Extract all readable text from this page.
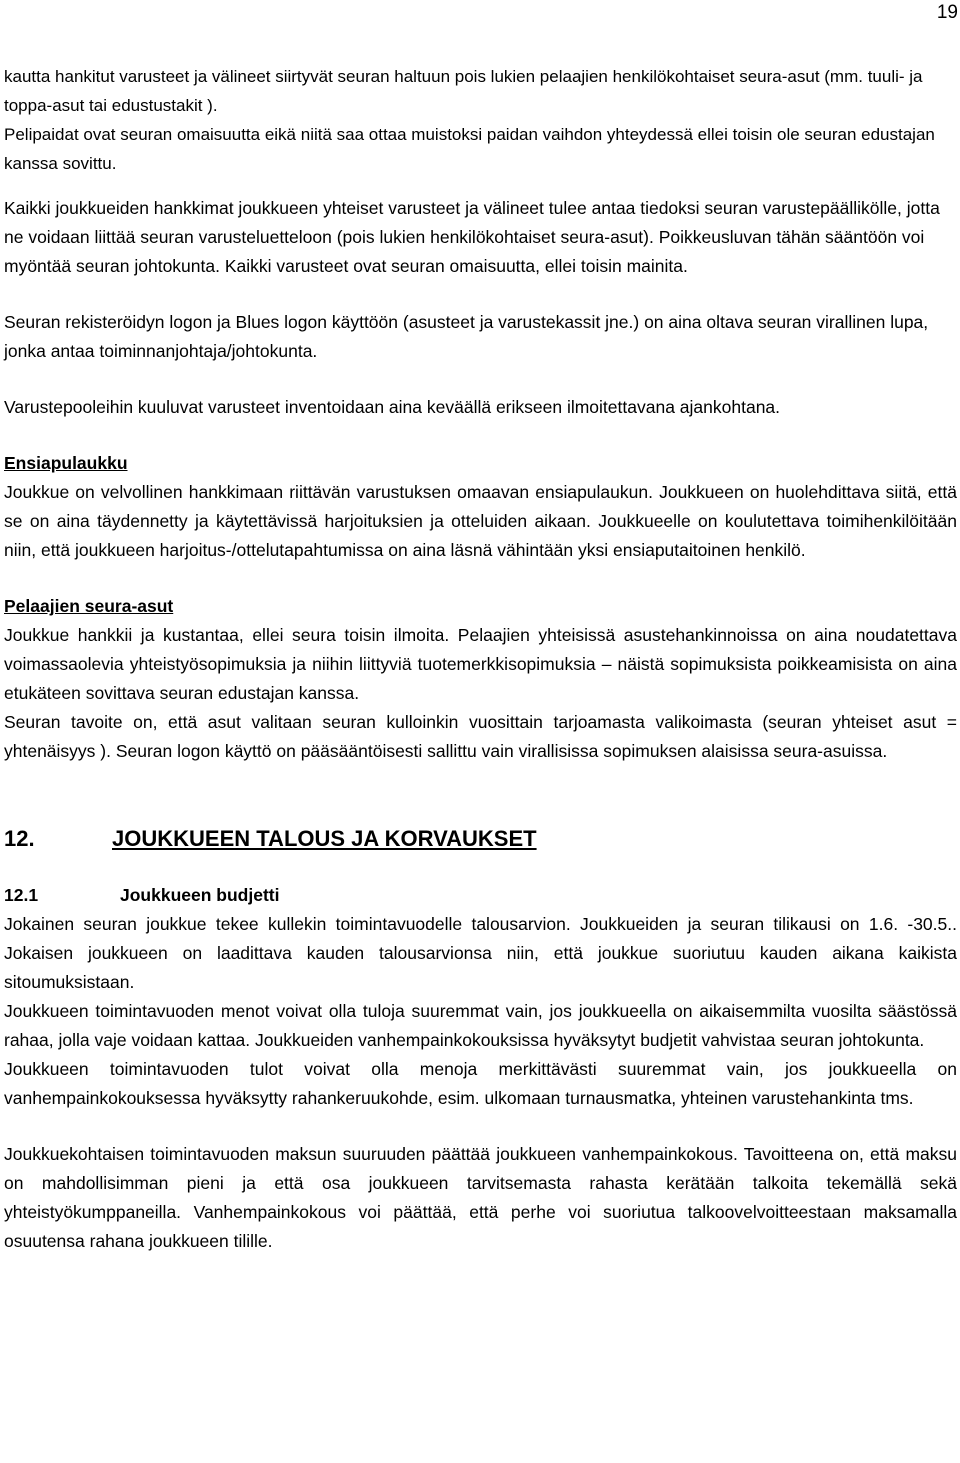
19

kautta hankitut varusteet ja välineet siirtyvät seuran haltuun pois lukien pelaajien henkilökohtaiset seura-asut (mm. tuuli- ja toppa-asut tai edustustakit ).

Pelipaidat ovat seuran omaisuutta eikä niitä saa ottaa muistoksi paidan vaihdon yhteydessä ellei toisin ole seuran edustajan kanssa sovittu.

Kaikki joukkueiden hankkimat joukkueen yhteiset varusteet ja välineet tulee antaa tiedoksi seuran varustepäällikölle, jotta ne voidaan liittää seuran varusteluetteloon (pois lukien henkilökohtaiset seura-asut). Poikkeusluvan tähän sääntöön voi myöntää seuran johtokunta. Kaikki varusteet ovat seuran omaisuutta, ellei toisin mainita.

Seuran rekisteröidyn logon ja Blues logon käyttöön (asusteet ja varustekassit jne.) on aina oltava seuran virallinen lupa, jonka antaa toiminnanjohtaja/johtokunta.

Varustepooleihin kuuluvat varusteet inventoidaan aina keväällä erikseen ilmoitettavana ajankohtana.

Ensiapulaukku

Joukkue on velvollinen hankkimaan riittävän varustuksen omaavan ensiapulaukun. Joukkueen on huolehdittava siitä, että se on aina täydennetty ja käytettävissä harjoituksien ja otteluiden aikaan. Joukkueelle on koulutettava toimihenkilöitään niin, että joukkueen harjoitus-/ottelutapahtumissa on aina läsnä vähintään yksi ensiaputaitoinen henkilö.

Pelaajien seura-asut

Joukkue hankkii ja kustantaa, ellei seura toisin ilmoita. Pelaajien yhteisissä asustehankinnoissa on aina noudatettava voimassaolevia yhteistyösopimuksia ja niihin liittyviä tuotemerkkisopimuksia – näistä sopimuksista poikkeamisista on aina etukäteen sovittava seuran edustajan kanssa.

Seuran tavoite on, että asut valitaan seuran kulloinkin vuosittain tarjoamasta valikoimasta (seuran yhteiset asut = yhtenäisyys ). Seuran logon käyttö on pääsääntöisesti sallittu vain virallisissa sopimuksen alaisissa seura-asuissa.

12.	JOUKKUEEN TALOUS JA KORVAUKSET
12.1	Joukkueen budjetti

Jokainen seuran joukkue tekee kullekin toimintavuodelle talousarvion. Joukkueiden ja seuran tilikausi on 1.6. -30.5.. Jokaisen joukkueen on laadittava kauden talousarvionsa niin, että joukkue suoriutuu kauden aikana kaikista sitoumuksistaan.

Joukkueen toimintavuoden menot voivat olla tuloja suuremmat vain, jos joukkueella on aikaisemmilta vuosilta säästössä rahaa, jolla vaje voidaan kattaa. Joukkueiden vanhempainkokouksissa hyväksytyt budjetit vahvistaa seuran johtokunta.

Joukkueen toimintavuoden tulot voivat olla menoja merkittävästi suuremmat vain, jos joukkueella on vanhempainkokouksessa hyväksytty rahankeruukohde, esim. ulkomaan turnausmatka, yhteinen varustehankinta tms.

Joukkuekohtaisen toimintavuoden maksun suuruuden päättää joukkueen vanhempainkokous. Tavoitteena on, että maksu on mahdollisimman pieni ja että osa joukkueen tarvitsemasta rahasta kerätään talkoita tekemällä sekä yhteistyökumppaneilla. Vanhempainkokous voi päättää, että perhe voi suoriutua talkoovelvoitteestaan maksamalla osuutensa rahana joukkueen tilille.
